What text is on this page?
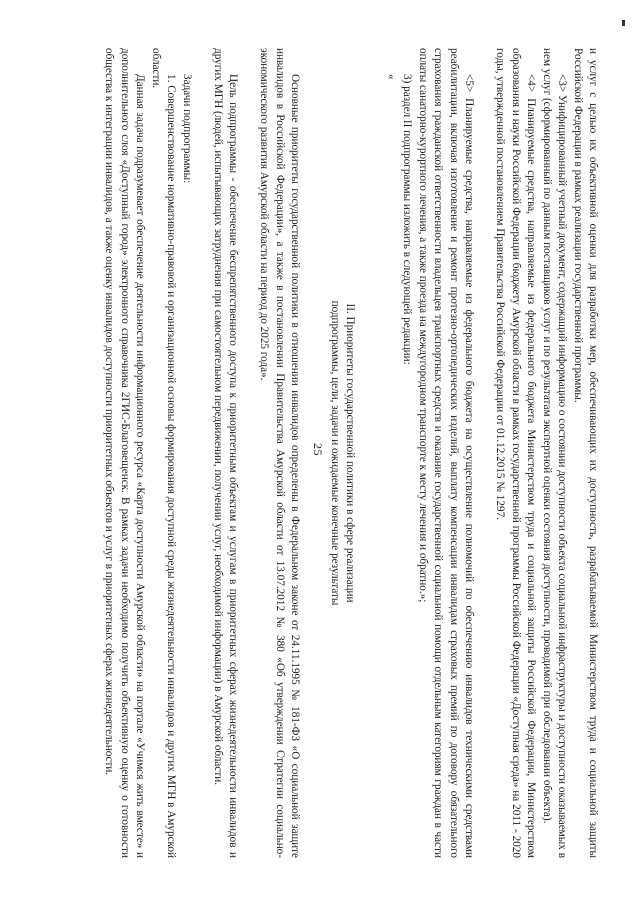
25	и услуг с целью их объективной оценки для разработки мер, обеспечивающих их доступность, разрабатываемой Министерством труда и социальной защиты Российской Федерации в рамках реализации государственной программы.

<3> Унифицированный учетный документ, содержащий информацию о состоянии доступности объекта социальной инфраструктуры и доступности оказываемых в нем услуг (сформированный по данным поставщиков услуг и по результатам экспертной оценки состояния доступности, проводимой при обследовании объекта).

<4> Планируемые средства, направляемые из федерального бюджета Министерством труда и социальной защиты Российской Федерации, Министерством образования и науки Российской Федерации бюджету Амурской области в рамках государственной программы Российской Федерации «Доступная среда» на 2011 - 2020 годы, утвержденной постановлением Правительства Российской Федерации от 01.12.2015 № 1297.

<5> Планируемые средства, направляемые из федерального бюджета на осуществление полномочий по обеспечению инвалидов техническими средствами реабилитации, включая изготовление и ремонт протезно-ортопедических изделий, выплату компенсации инвалидам страховых премий по договору обязательного страхования гражданской ответственности владельцев транспортных средств и оказание государственной социальной помощи отдельным категориям граждан в части оплаты санаторно-курортного лечения, а также проезда на междугородном транспорте к месту лечения и обратно.»;

3) раздел II подпрограммы изложить в следующей редакции:

«

II. Приоритеты государственной политики в сфере реализации

подпрограммы, цели, задачи и ожидаемые конечные результаты

Основные приоритеты государственной политики в отношении инвалидов определены в Федеральном законе от 24.11.1995 № 181-ФЗ «О социальной защите инвалидов в Российской Федерации», а также в постановлении Правительства Амурской области от 13.07.2012 № 380 «Об утверждении Стратегии социально-экономического развития Амурской области на период до 2025 года».

Цель подпрограммы - обеспечение беспрепятственного доступа к приоритетным объектам и услугам в приоритетных сферах жизнедеятельности инвалидов и других МГН (людей, испытывающих затруднения при самостоятельном передвижении, получении услуг, необходимой информации) в Амурской области.

Задачи подпрограммы:

1. Совершенствование нормативно-правовой и организационной основы формирования доступной среды жизнедеятельности инвалидов и других МГН в Амурской области.

Данная задача подразумевает обеспечение деятельности информационного ресурса «Карта доступности Амурской области» на портале «Учимся жить вместе» и дополнительного слоя «Доступный город» электронного справочника 2ГИС-Благовещенск. В рамках задачи необходимо получить объективную оценку о готовности общества к интеграции инвалидов, а также оценку инвалидов доступности приоритетных объектов и услуг в приоритетных сферах жизнедеятельности.
